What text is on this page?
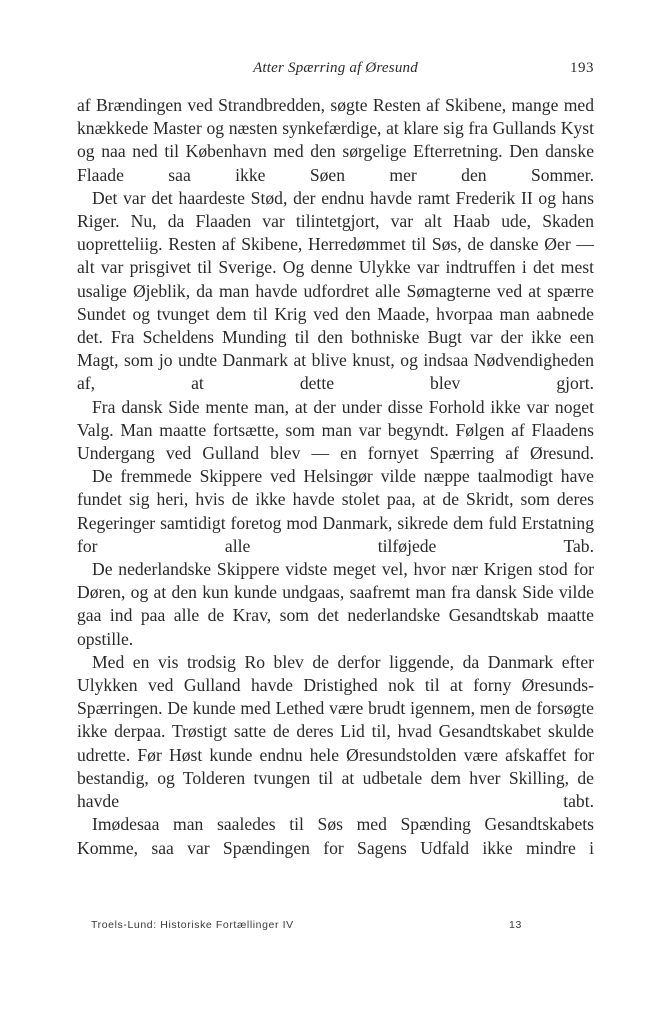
Atter Spærring af Øresund	193

af Brændingen ved Strandbredden, søgte Resten af Skibene, mange med knækkede Master og næsten synkefærdige, at klare sig fra Gullands Kyst og naa ned til København med den sørgelige Efterretning. Den danske Flaade saa ikke Søen mer den Sommer.

Det var det haardeste Stød, der endnu havde ramt Frederik II og hans Riger. Nu, da Flaaden var tilintetgjort, var alt Haab ude, Skaden uopretteliig. Resten af Skibene, Herredømmet til Søs, de danske Øer — alt var prisgivet til Sverige. Og denne Ulykke var indtruffen i det mest usalige Øjeblik, da man havde udfordret alle Sømagterne ved at spærre Sundet og tvunget dem til Krig ved den Maade, hvorpaa man aabnede det. Fra Scheldens Munding til den bothniske Bugt var der ikke een Magt, som jo undte Danmark at blive knust, og indsaa Nødvendigheden af, at dette blev gjort.

Fra dansk Side mente man, at der under disse Forhold ikke var noget Valg. Man maatte fortsætte, som man var begyndt. Følgen af Flaadens Undergang ved Gulland blev — en fornyet Spærring af Øresund.

De fremmede Skippere ved Helsingør vilde næppe taalmodigt have fundet sig heri, hvis de ikke havde stolet paa, at de Skridt, som deres Regeringer samtidigt foretog mod Danmark, sikrede dem fuld Erstatning for alle tilføjede Tab.

De nederlandske Skippere vidste meget vel, hvor nær Krigen stod for Døren, og at den kun kunde undgaas, saafremt man fra dansk Side vilde gaa ind paa alle de Krav, som det nederlandske Gesandtskab maatte opstille.

Med en vis trodsig Ro blev de derfor liggende, da Danmark efter Ulykken ved Gulland havde Dristighed nok til at forny Øresunds-Spærringen. De kunde med Lethed være brudt igennem, men de forsøgte ikke derpaa. Trøstigt satte de deres Lid til, hvad Gesandtskabet skulde udrette. Før Høst kunde endnu hele Øresundstolden være afskaffet for bestandig, og Tolderen tvungen til at udbetale dem hver Skilling, de havde tabt.

Imødesaa man saaledes til Søs med Spænding Gesandtskabets Komme, saa var Spændingen for Sagens Udfald ikke mindre i

Troels-Lund: Historiske Fortællinger IV	13
